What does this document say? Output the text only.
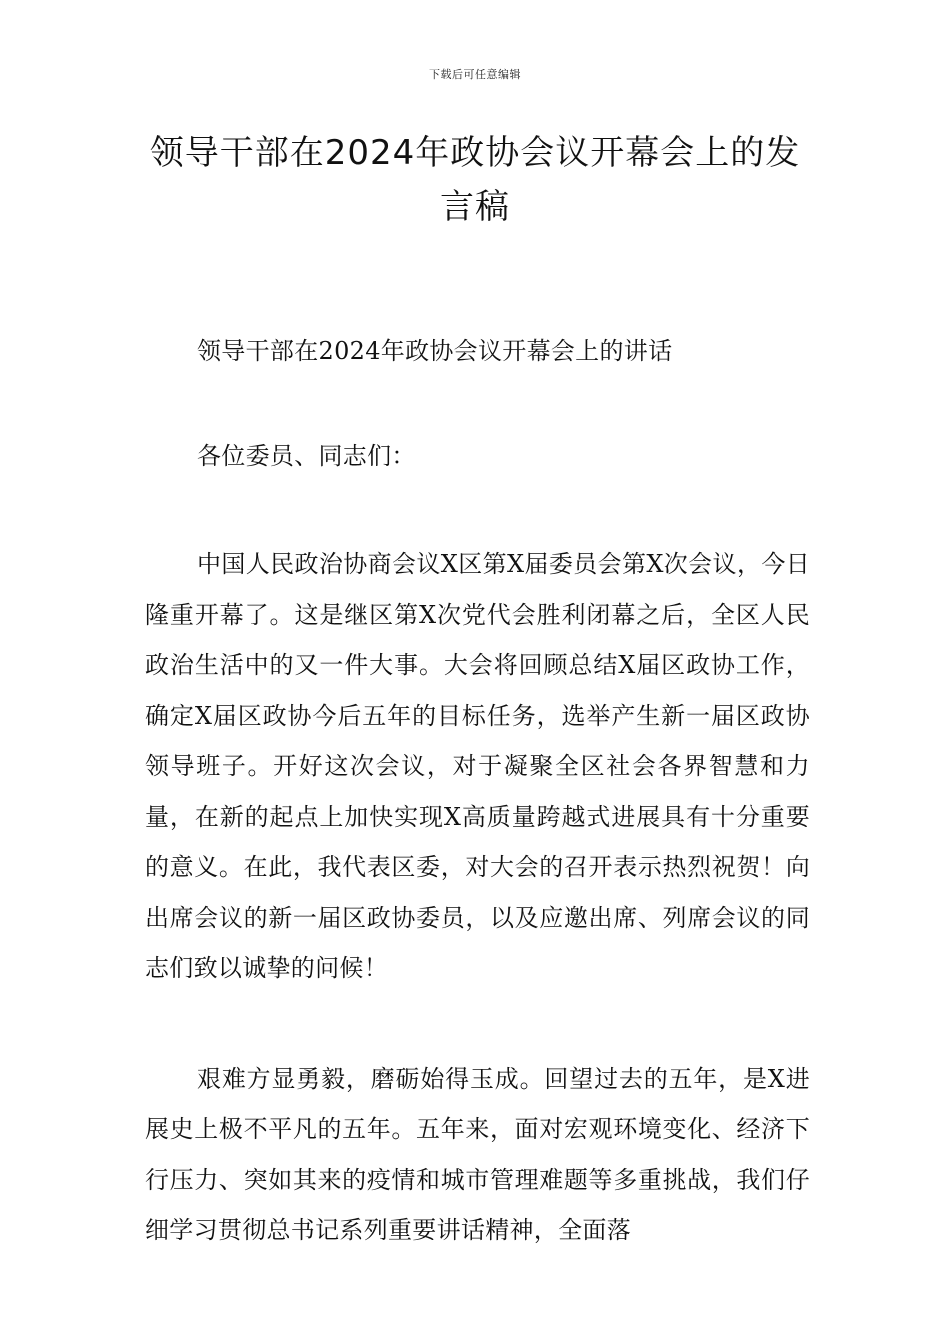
下载后可任意编辑
领导干部在2024年政协会议开幕会上的发言稿

领导干部在2024年政协会议开幕会上的讲话

各位委员、同志们：

中国人民政治协商会议X区第X届委员会第X次会议，今日隆重开幕了。这是继区第X次党代会胜利闭幕之后，全区人民政治生活中的又一件大事。大会将回顾总结X届区政协工作，确定X届区政协今后五年的目标任务，选举产生新一届区政协领导班子。开好这次会议，对于凝聚全区社会各界智慧和力量，在新的起点上加快实现X高质量跨越式进展具有十分重要的意义。在此，我代表区委，对大会的召开表示热烈祝贺！向出席会议的新一届区政协委员，以及应邀出席、列席会议的同志们致以诚挚的问候！

艰难方显勇毅，磨砺始得玉成。回望过去的五年，是X进展史上极不平凡的五年。五年来，面对宏观环境变化、经济下行压力、突如其来的疫情和城市管理难题等多重挑战，我们仔细学习贯彻总书记系列重要讲话精神，全面落
